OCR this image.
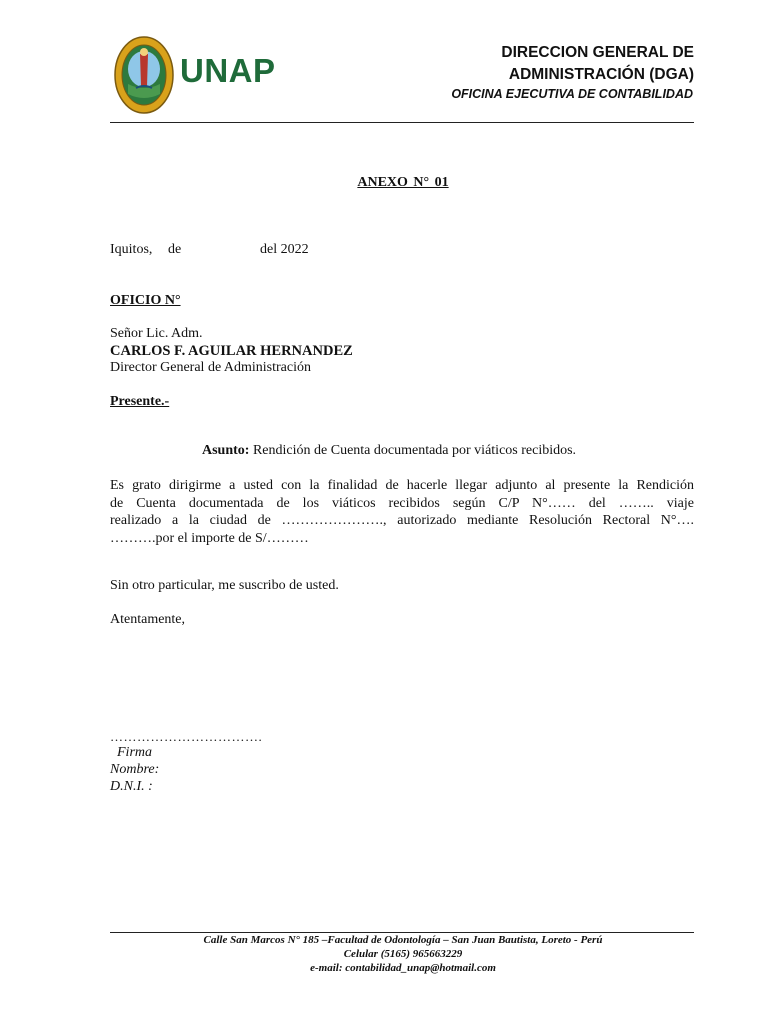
UNAP	DIRECCION GENERAL DE
ADMINISTRACIÓN (DGA)
OFICINA EJECUTIVA DE CONTABILIDAD
ANEXO N° 01
Iquitos, de	del 2022
OFICIO N°
Señor Lic. Adm.
CARLOS F. AGUILAR HERNANDEZ
Director General de Administración
Presente.-
Asunto: Rendición de Cuenta documentada por viáticos recibidos.
Es grato dirigirme a usted con la finalidad de hacerle llegar adjunto al presente la Rendición
de Cuenta documentada de los viáticos recibidos según C/P N°…… del …….. viaje
realizado a la ciudad de …………………., autorizado mediante Resolución Rectoral N°….
……….por el importe de S/………
Sin otro particular, me suscribo de usted.
Atentamente,
…………………………….
Firma
Nombre:
D.N.I. :
Calle San Marcos N° 185 –Facultad de Odontología – San Juan Bautista, Loreto - Perú
Celular (5165) 965663229
e-mail: contabilidad_unap@hotmail.com
